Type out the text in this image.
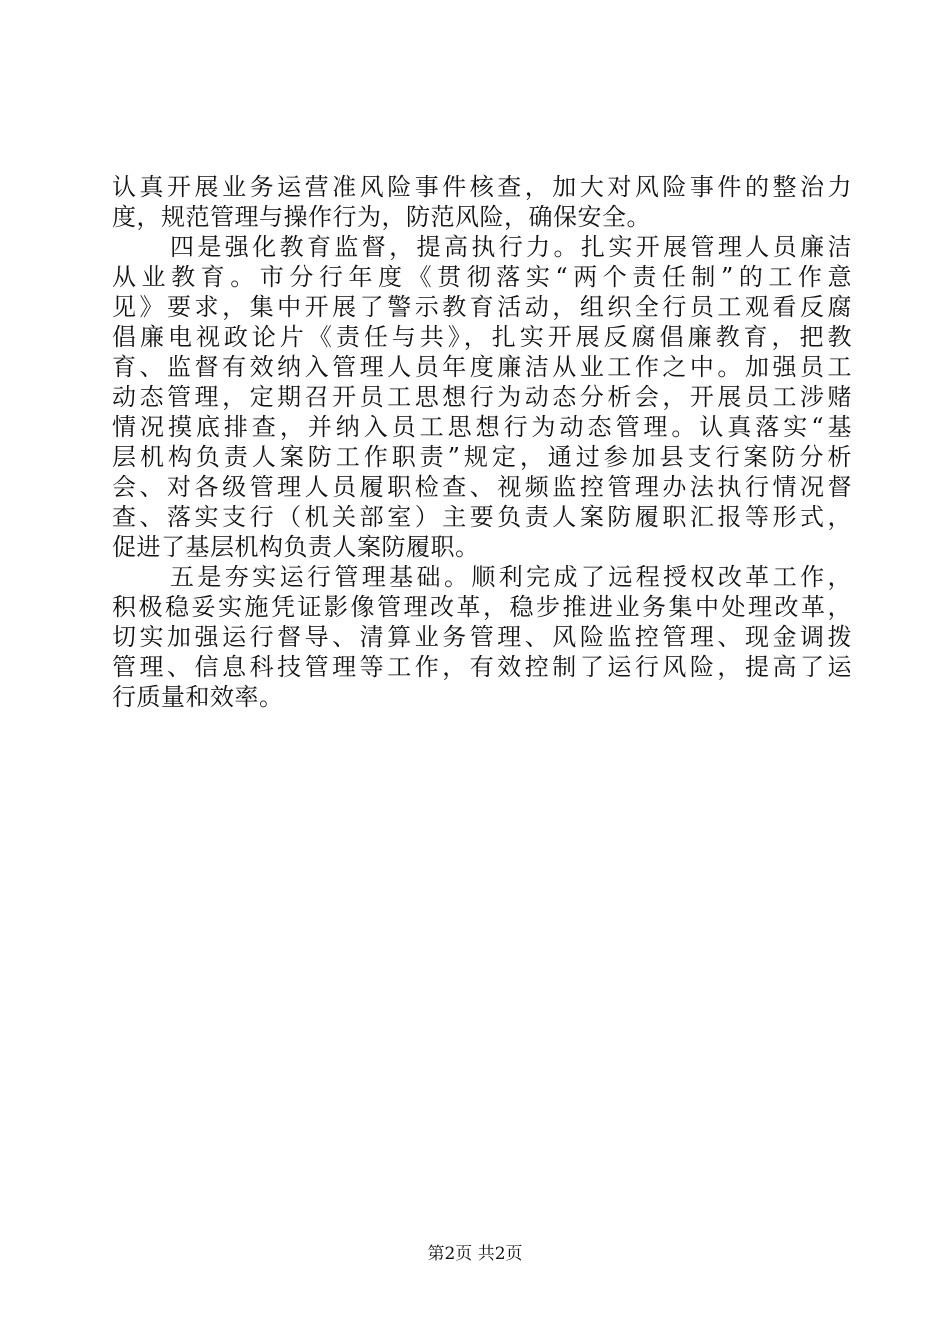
认真开展业务运营准风险事件核查，加大对风险事件的整治力
度，规范管理与操作行为，防范风险，确保安全。
四是强化教育监督，提高执行力。扎实开展管理人员廉洁
从业教育。市分行年度《贯彻落实“两个责任制”的工作意
见》要求，集中开展了警示教育活动，组织全行员工观看反腐
倡廉电视政论片《责任与共》，扎实开展反腐倡廉教育，把教
育、监督有效纳入管理人员年度廉洁从业工作之中。加强员工
动态管理，定期召开员工思想行为动态分析会，开展员工涉赌
情况摸底排查，并纳入员工思想行为动态管理。认真落实“基
层机构负责人案防工作职责”规定，通过参加县支行案防分析
会、对各级管理人员履职检查、视频监控管理办法执行情况督
查、落实支行（机关部室）主要负责人案防履职汇报等形式，
促进了基层机构负责人案防履职。
五是夯实运行管理基础。顺利完成了远程授权改革工作，
积极稳妥实施凭证影像管理改革，稳步推进业务集中处理改革，
切实加强运行督导、清算业务管理、风险监控管理、现金调拨
管理、信息科技管理等工作，有效控制了运行风险，提高了运
行质量和效率。
第2页 共2页
